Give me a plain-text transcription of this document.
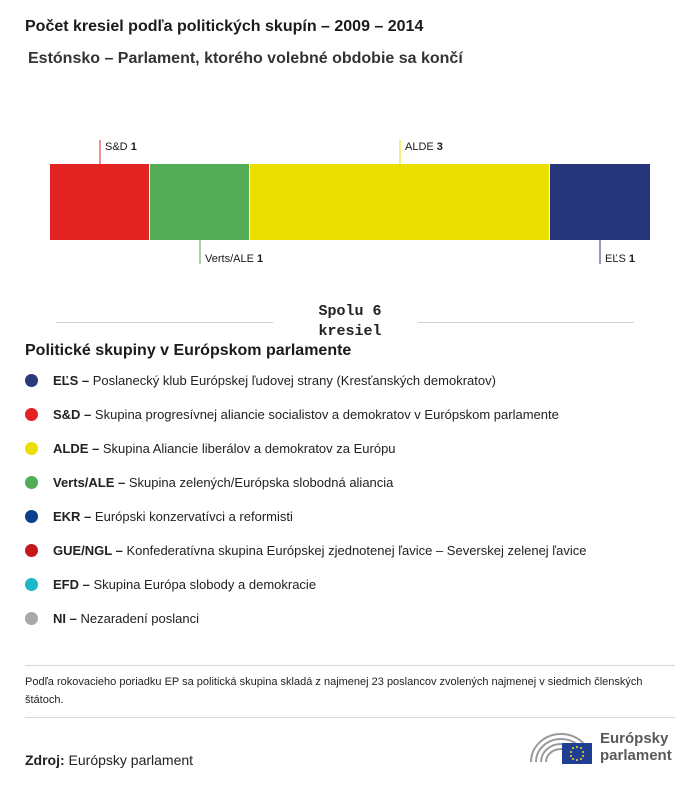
Počet kresiel podľa politických skupín – 2009 – 2014
Estónsko – Parlament, ktorého volebné obdobie sa končí
S&D 1
Verts/ALE 1
ALDE 3
EĽS 1
Spolu 6
kresiel
Politické skupiny v Európskom parlamente
EĽS –
Poslanecký klub Európskej ľudovej strany (Kresťanských demokratov)
S&D –
Skupina progresívnej aliancie socialistov a demokratov v Európskom parlamente
ALDE –
Skupina Aliancie liberálov a demokratov za Európu
Verts/ALE –
Skupina zelených/Európska slobodná aliancia
EKR –
Európski konzervatívci a reformisti
GUE/NGL –
Konfederatívna skupina Európskej zjednotenej ľavice – Severskej zelenej ľavice
EFD –
Skupina Európa slobody a demokracie
NI –
Nezaradení poslanci

Podľa rokovacieho poriadku EP sa politická skupina skladá z najmenej 23 poslancov zvolených najmenej v siedmich členských štátoch.

Zdroj: Európsky parlament
Európsky
parlament
